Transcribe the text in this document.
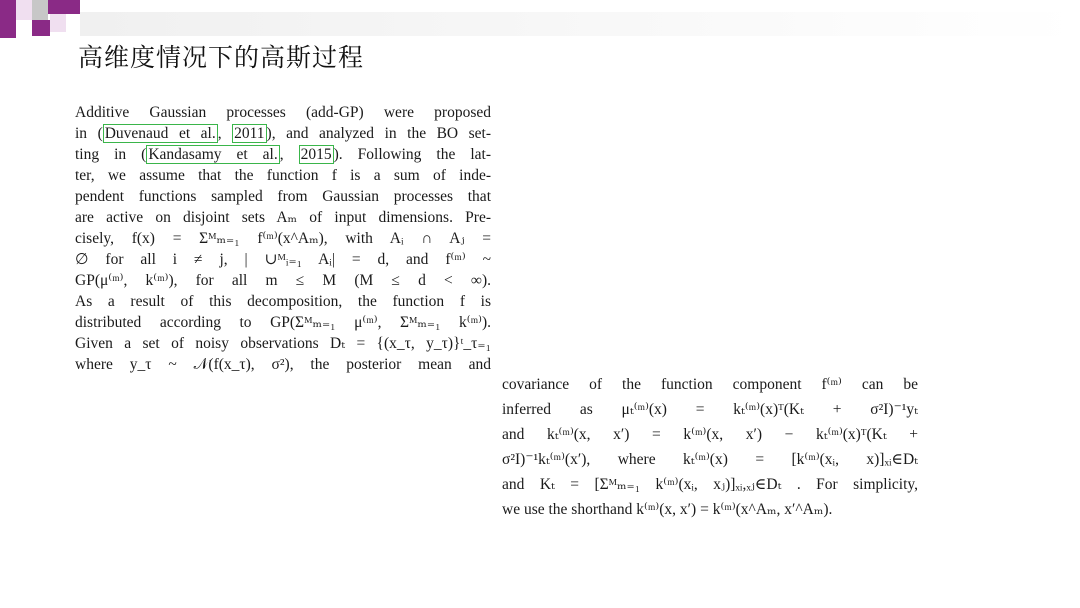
高维度情况下的高斯过程
Additive Gaussian processes (add-GP) were proposed
in ( Duvenaud et al. , 2011 ), and analyzed in the BO set-
ting in ( Kandasamy et al. , 2015 ). Following the lat-
ter, we assume that the function f is a sum of inde-
pendent functions sampled from Gaussian processes that
are active on disjoint sets Aₘ of input dimensions. Pre-
cisely, f(x) = Σᴹₘ₌₁ f⁽ᵐ⁾(x^Aₘ), with Aᵢ ∩ Aⱼ =
∅ for all i ≠ j, | ∪ᴹᵢ₌₁ Aᵢ| = d, and f⁽ᵐ⁾ ~
GP(μ⁽ᵐ⁾, k⁽ᵐ⁾), for all m ≤ M (M ≤ d < ∞).
As a result of this decomposition, the function f is
distributed according to GP(Σᴹₘ₌₁ μ⁽ᵐ⁾, Σᴹₘ₌₁ k⁽ᵐ⁾).
Given a set of noisy observations Dₜ = {(x_τ, y_τ)}ᵗ_τ₌₁
where y_τ ~ 𝒩(f(x_τ), σ²), the posterior mean and
covariance of the function component f⁽ᵐ⁾ can be
inferred as μₜ⁽ᵐ⁾(x) = kₜ⁽ᵐ⁾(x)ᵀ(Kₜ + σ²I)⁻¹yₜ
and kₜ⁽ᵐ⁾(x, x′) = k⁽ᵐ⁾(x, x′) − kₜ⁽ᵐ⁾(x)ᵀ(Kₜ +
σ²I)⁻¹kₜ⁽ᵐ⁾(x′), where kₜ⁽ᵐ⁾(x) = [k⁽ᵐ⁾(xᵢ, x)]ₓᵢ∈Dₜ
and Kₜ = [Σᴹₘ₌₁ k⁽ᵐ⁾(xᵢ, xⱼ)]ₓᵢ,ₓⱼ∈Dₜ . For simplicity,
we use the shorthand k⁽ᵐ⁾(x, x′) = k⁽ᵐ⁾(x^Aₘ, x′^Aₘ).
